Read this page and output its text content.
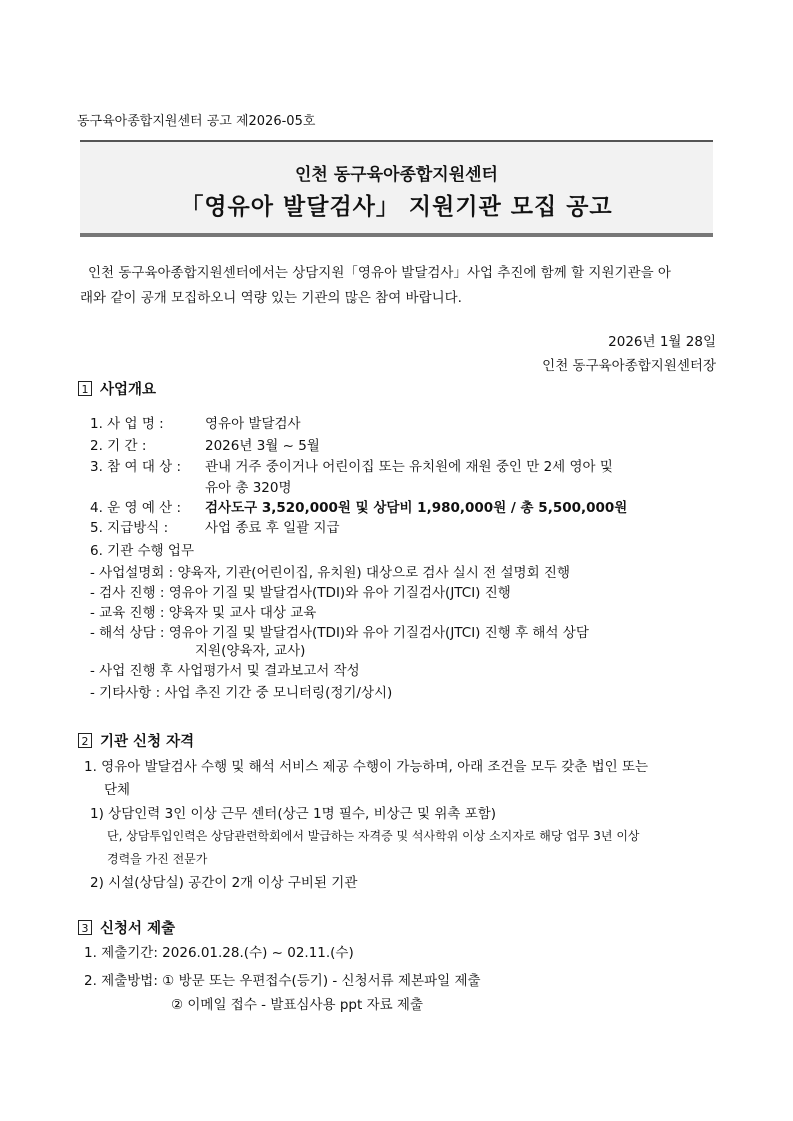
동구육아종합지원센터 공고 제2026-05호
인천 동구육아종합지원센터
「영유아 발달검사」 지원기관 모집 공고
인천 동구육아종합지원센터에서는 상담지원「영유아 발달검사」사업 추진에 함께 할 지원기관을 아
래와 같이 공개 모집하오니 역량 있는 기관의 많은 참여 바랍니다.
2026년 1월 28일
인천 동구육아종합지원센터장
1 사업개요
1. 사 업 명 :	영유아 발달검사
2. 기 간 :	2026년 3월 ~ 5월
3. 참 여 대 상 : 관내 거주 중이거나 어린이집 또는 유치원에 재원 중인 만 2세 영아 및
유아 총 320명
4. 운 영 예 산 : 검사도구 3,520,000원 및 상담비 1,980,000원 / 총 5,500,000원
5. 지급방식 :	사업 종료 후 일괄 지급
6. 기관 수행 업무
- 사업설명회 : 양육자, 기관(어린이집, 유치원) 대상으로 검사 실시 전 설명회 진행
- 검사 진행 : 영유아 기질 및 발달검사(TDI)와 유아 기질검사(JTCI) 진행
- 교육 진행 : 양육자 및 교사 대상 교육
- 해석 상담 : 영유아 기질 및 발달검사(TDI)와 유아 기질검사(JTCI) 진행 후 해석 상담
지원(양육자, 교사)
- 사업 진행 후 사업평가서 및 결과보고서 작성
- 기타사항 : 사업 추진 기간 중 모니터링(정기/상시)
2 기관 신청 자격
1. 영유아 발달검사 수행 및 해석 서비스 제공 수행이 가능하며, 아래 조건을 모두 갖춘 법인 또는
단체
1) 상담인력 3인 이상 근무 센터(상근 1명 필수, 비상근 및 위촉 포함)
단, 상담투입인력은 상담관련학회에서 발급하는 자격증 및 석사학위 이상 소지자로 해당 업무 3년 이상
경력을 가진 전문가
2) 시설(상담실) 공간이 2개 이상 구비된 기관
3 신청서 제출
1. 제출기간: 2026.01.28.(수) ~ 02.11.(수)
2. 제출방법: ① 방문 또는 우편접수(등기) - 신청서류 제본파일 제출
② 이메일 접수 - 발표심사용 ppt 자료 제출
